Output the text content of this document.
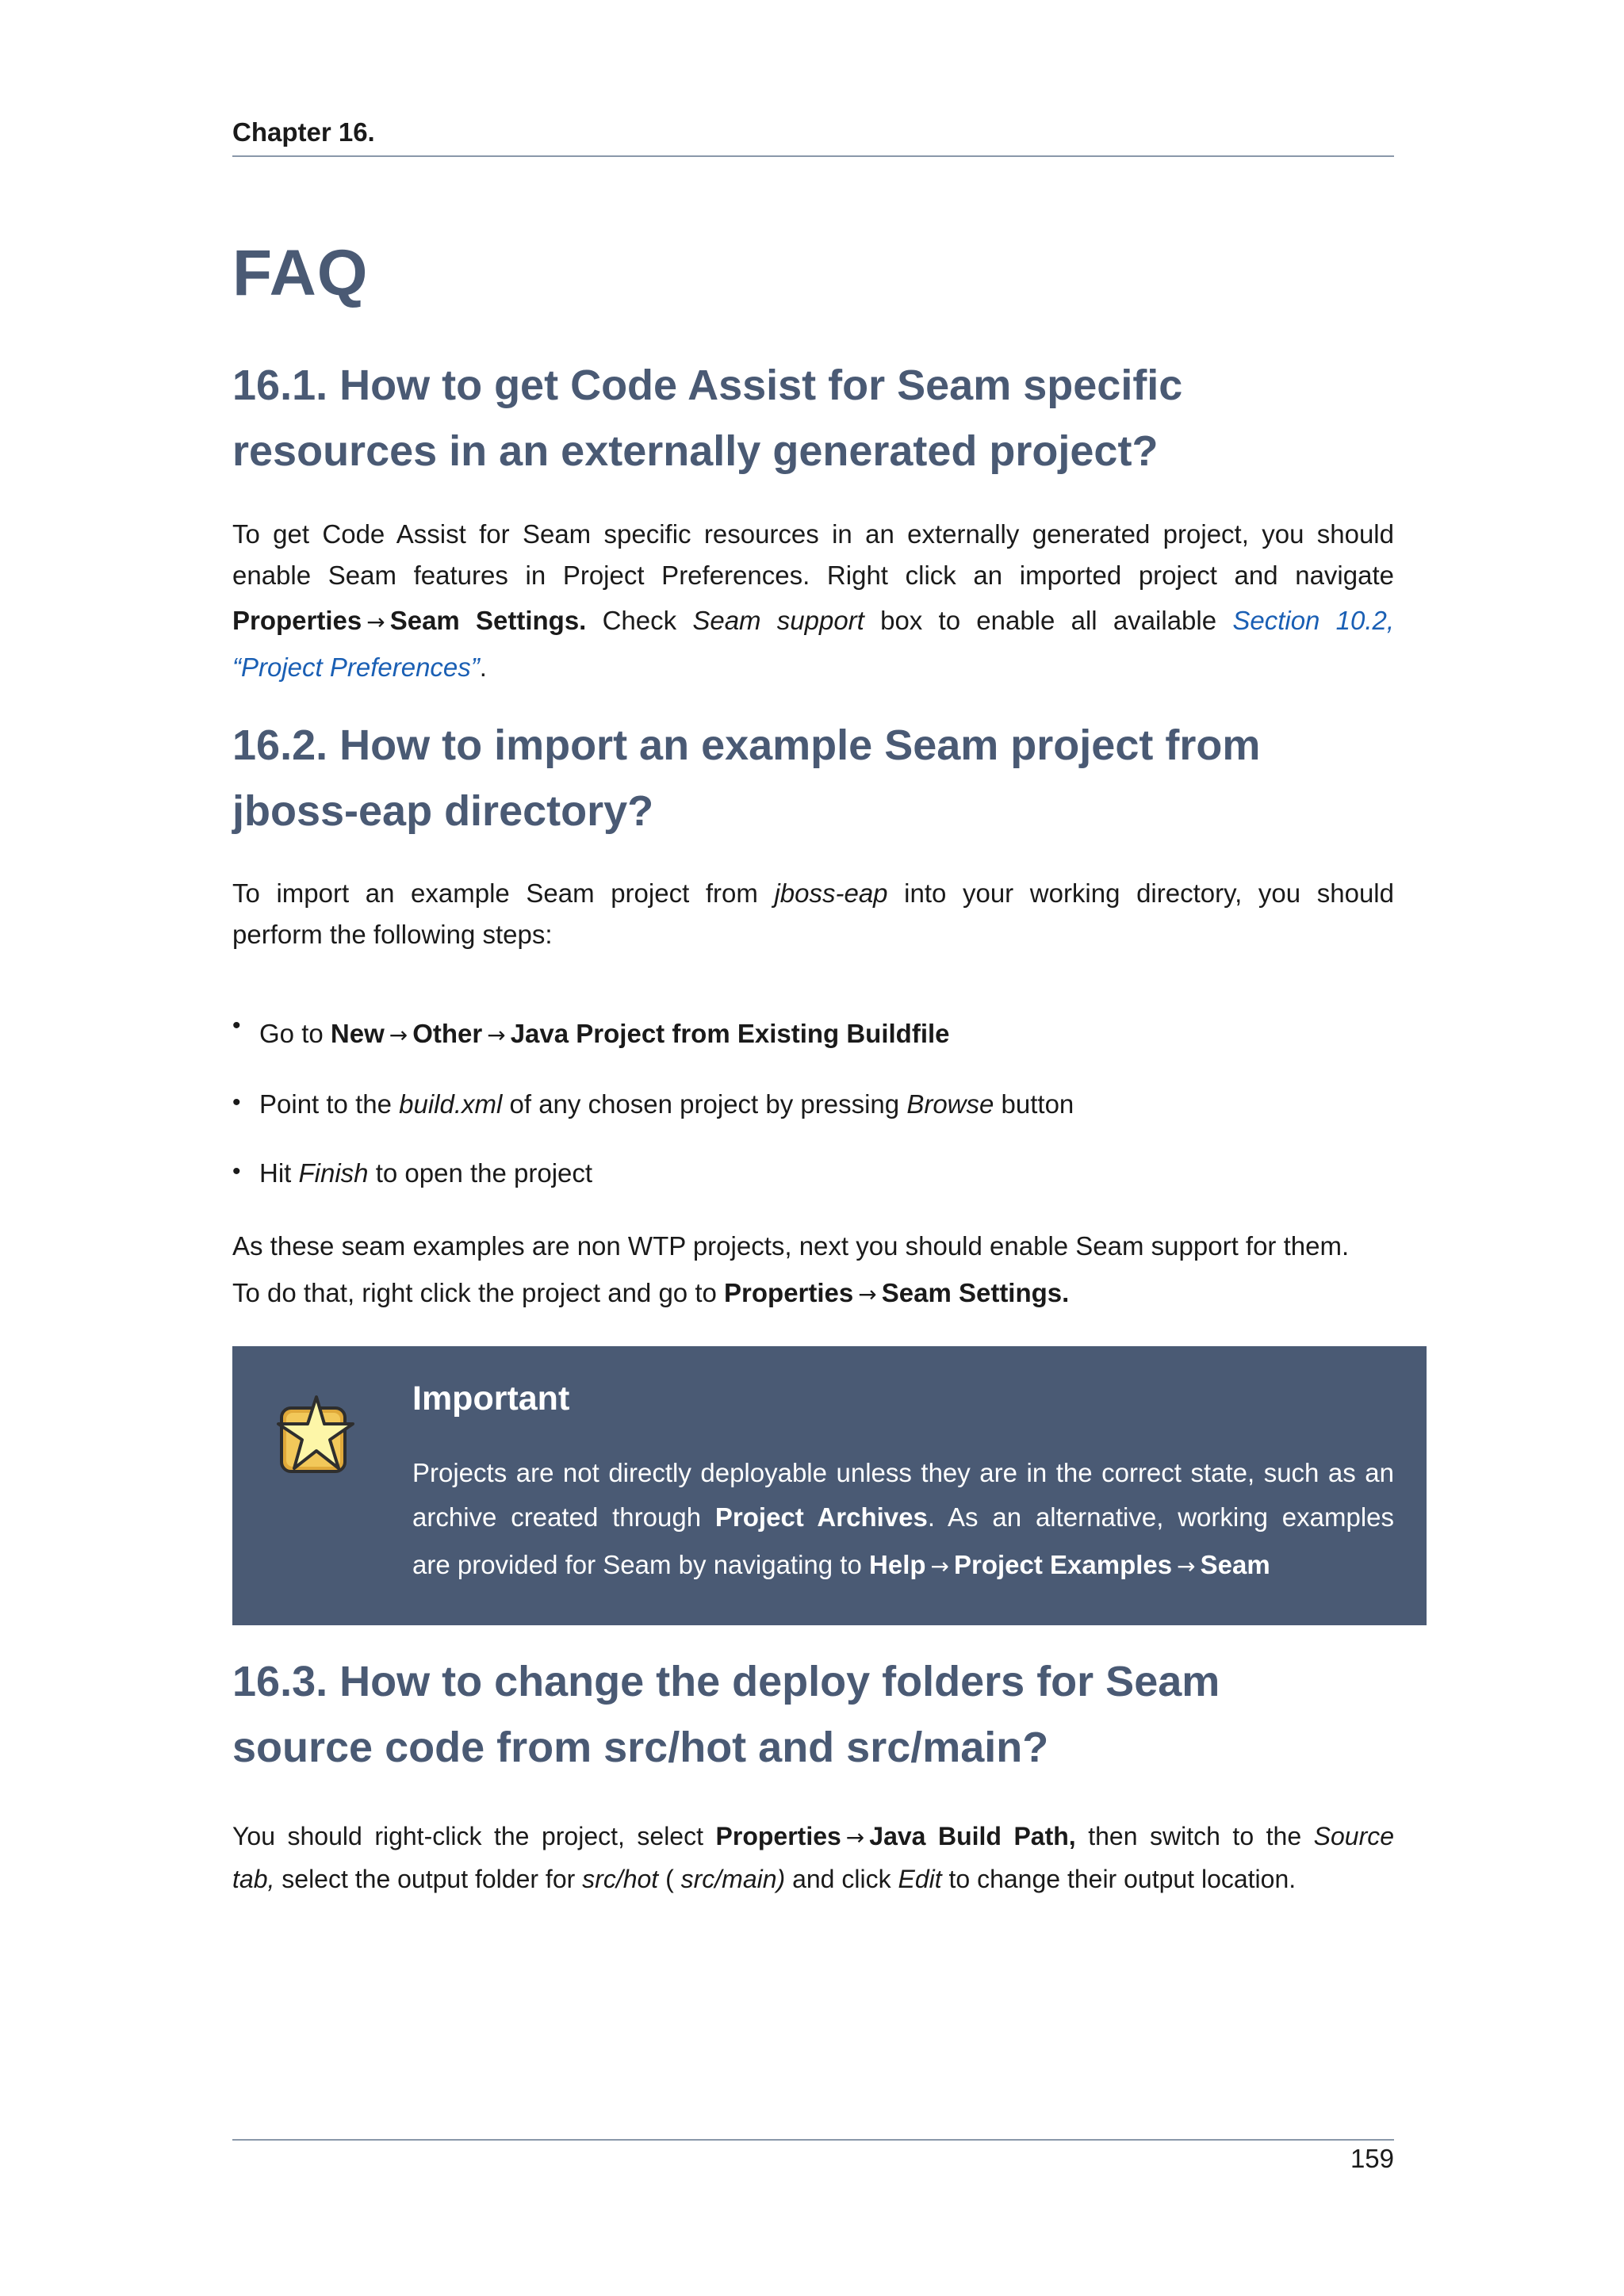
Chapter 16.
FAQ
16.1. How to get Code Assist for Seam specific
resources in an externally generated project?
To get Code Assist for Seam specific resources in an externally generated project, you should
enable Seam features in Project Preferences. Right click an imported project and navigate
Properties → Seam Settings. Check Seam support box to enable all available Section 10.2,
“Project Preferences”.
16.2. How to import an example Seam project from
jboss-eap directory?
To import an example Seam project from jboss-eap into your working directory, you should
perform the following steps:
• Go to New → Other → Java Project from Existing Buildfile
• Point to the build.xml of any chosen project by pressing Browse button
• Hit Finish to open the project
As these seam examples are non WTP projects, next you should enable Seam support for them.
To do that, right click the project and go to Properties → Seam Settings.
Important
Projects are not directly deployable unless they are in the correct state, such as an
archive created through Project Archives. As an alternative, working examples
are provided for Seam by navigating to Help → Project Examples → Seam
16.3. How to change the deploy folders for Seam
source code from src/hot and src/main?
You should right-click the project, select Properties → Java Build Path, then switch to the Source
tab, select the output folder for src/hot ( src/main) and click Edit to change their output location.
159
